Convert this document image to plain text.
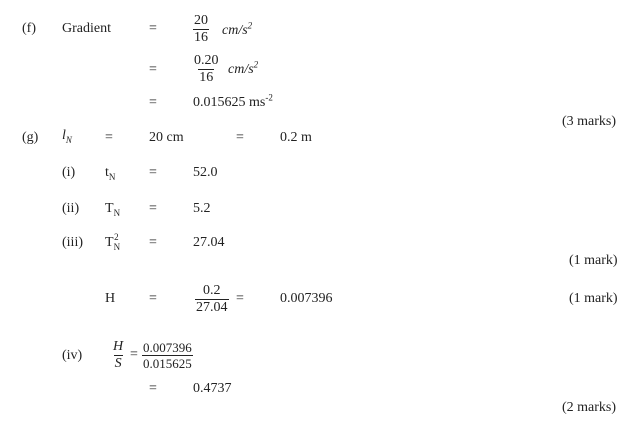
(f) Gradient	=	$\frac{20}{16} cm/s^2$
=	$\frac{0.20}{16} cm/s^2$
=	0.015625 $ms^{-2}$
(3 marks)
(g) $l_N$ =	20 cm	=	0.2 m
(i) $t_N$ =	52.0
(ii) $T_N$ =	5.2
(iii) $T_N^2$ =	27.04
(1 mark)
H =	$\frac{0.2}{27.04}$ =	0.007396	(1 mark)
$(iv) \frac{H}{S} = \frac{0.007396}{0.015625}$
=	0.4737
(2 marks)
